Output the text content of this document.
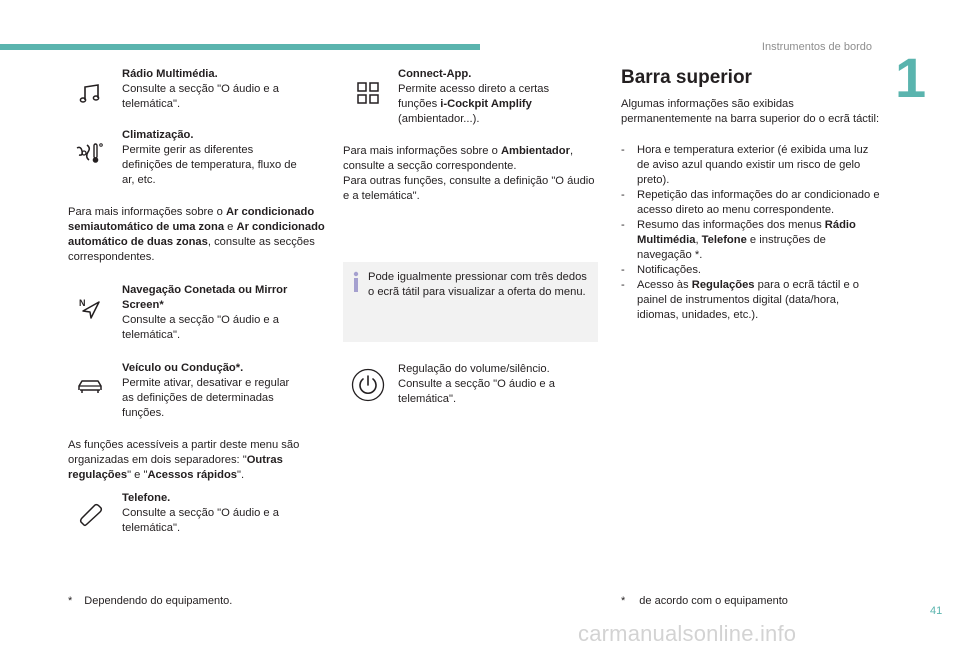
Instrumentos de bordo 1
Rádio Multimédia.
Consulte a secção "O áudio e a
telemática".
Climatização.
Permite gerir as diferentes
definições de temperatura, fluxo de
ar, etc.
Para mais informações sobre o Ar condicionado semiautomático de uma zona e Ar condicionado automático de duas zonas, consulte as secções correspondentes.
N
Navegação Conetada ou Mirror
Screen*
Consulte a secção "O áudio e a
telemática".
Veículo ou Condução*.
Permite ativar, desativar e regular
as definições de determinadas
funções.
As funções acessíveis a partir deste menu são organizadas em dois separadores: "Outras regulações" e "Acessos rápidos".
Telefone.
Consulte a secção "O áudio e a
telemática".
* Dependendo do equipamento.
Connect-App.
Permite acesso direto a certas
funções i-Cockpit Amplify
(ambientador...).
Para mais informações sobre o Ambientador, consulte a secção correspondente.
Para outras funções, consulte a definição "O áudio e a telemática".
Pode igualmente pressionar com três dedos o ecrã tátil para visualizar a oferta do menu.
Regulação do volume/silêncio.
Consulte a secção "O áudio e a
telemática".
Barra superior
Algumas informações são exibidas permanentemente na barra superior do o ecrã táctil:
- Hora e temperatura exterior (é exibida uma luz de aviso azul quando existir um risco de gelo preto).
- Repetição das informações do ar condicionado e acesso direto ao menu correspondente.
- Resumo das informações dos menus Rádio Multimédia, Telefone e instruções de navegação *.
- Notificações.
- Acesso às Regulações para o ecrã táctil e o painel de instrumentos digital (data/hora, idiomas, unidades, etc.).
* de acordo com o equipamento
41
carmanualsonline.info
